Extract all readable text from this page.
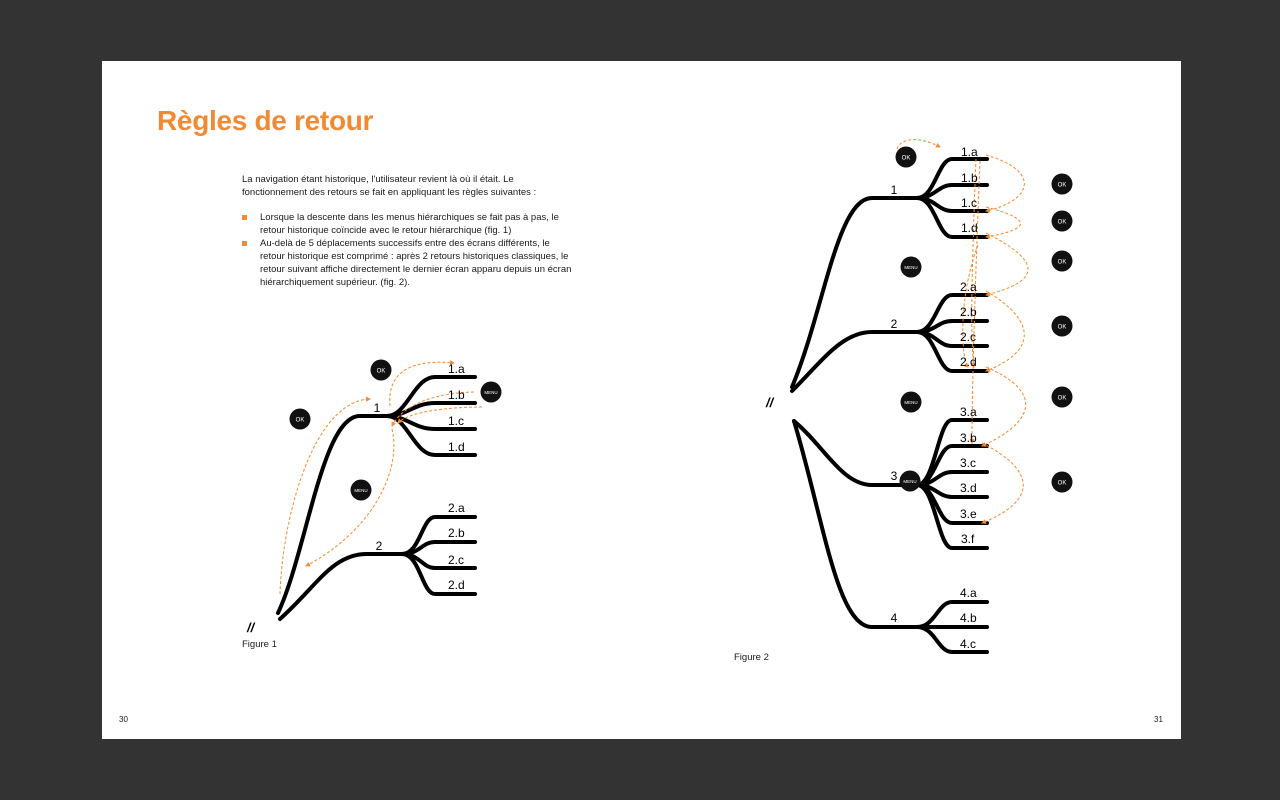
Règles de retour

La navigation étant historique, l'utilisateur revient là où il était. Le fonctionnement des retours se fait en appliquant les règles suivantes :

Lorsque la descente dans les menus hiérarchiques se fait pas à pas, le retour historique coïncide avec le retour hiérarchique (fig. 1)
Au-delà de 5 déplacements successifs entre des écrans différents, le retour historique est comprimé : après 2 retours historiques classiques, le retour suivant affiche directement le dernier écran apparu depuis un écran hiérarchiquement supérieur. (fig. 2).
//
1
2
1.a
1.b
1.c
1.d
2.a
2.b
2.c
2.d
OK
OK
MENU
MENU
//
1
2
3
4
1.a
1.b
1.c
1.d
2.a
2.b
2.c
2.d
3.a
3.b
3.c
3.d
3.e
3.f
4.a
4.b
4.c
OK
OK
OK
OK
OK
OK
OK
MENU
MENU
MENU
Figure 1
Figure 2
30	31
